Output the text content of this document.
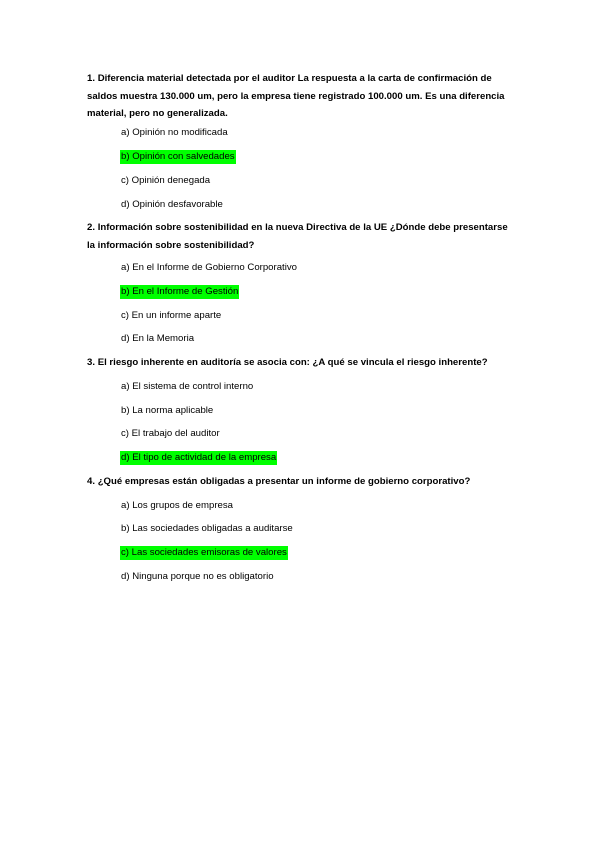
1. Diferencia material detectada por el auditor La respuesta a la carta de confirmación de saldos muestra 130.000 um, pero la empresa tiene registrado 100.000 um. Es una diferencia material, pero no generalizada.
a) Opinión no modificada
b) Opinión con salvedades
c) Opinión denegada
d) Opinión desfavorable
2. Información sobre sostenibilidad en la nueva Directiva de la UE ¿Dónde debe presentarse la información sobre sostenibilidad?
a) En el Informe de Gobierno Corporativo
b) En el Informe de Gestión
c) En un informe aparte
d) En la Memoria
3. El riesgo inherente en auditoría se asocia con: ¿A qué se vincula el riesgo inherente?
a) El sistema de control interno
b) La norma aplicable
c) El trabajo del auditor
d) El tipo de actividad de la empresa
4. ¿Qué empresas están obligadas a presentar un informe de gobierno corporativo?
a) Los grupos de empresa
b) Las sociedades obligadas a auditarse
c) Las sociedades emisoras de valores
d) Ninguna porque no es obligatorio
